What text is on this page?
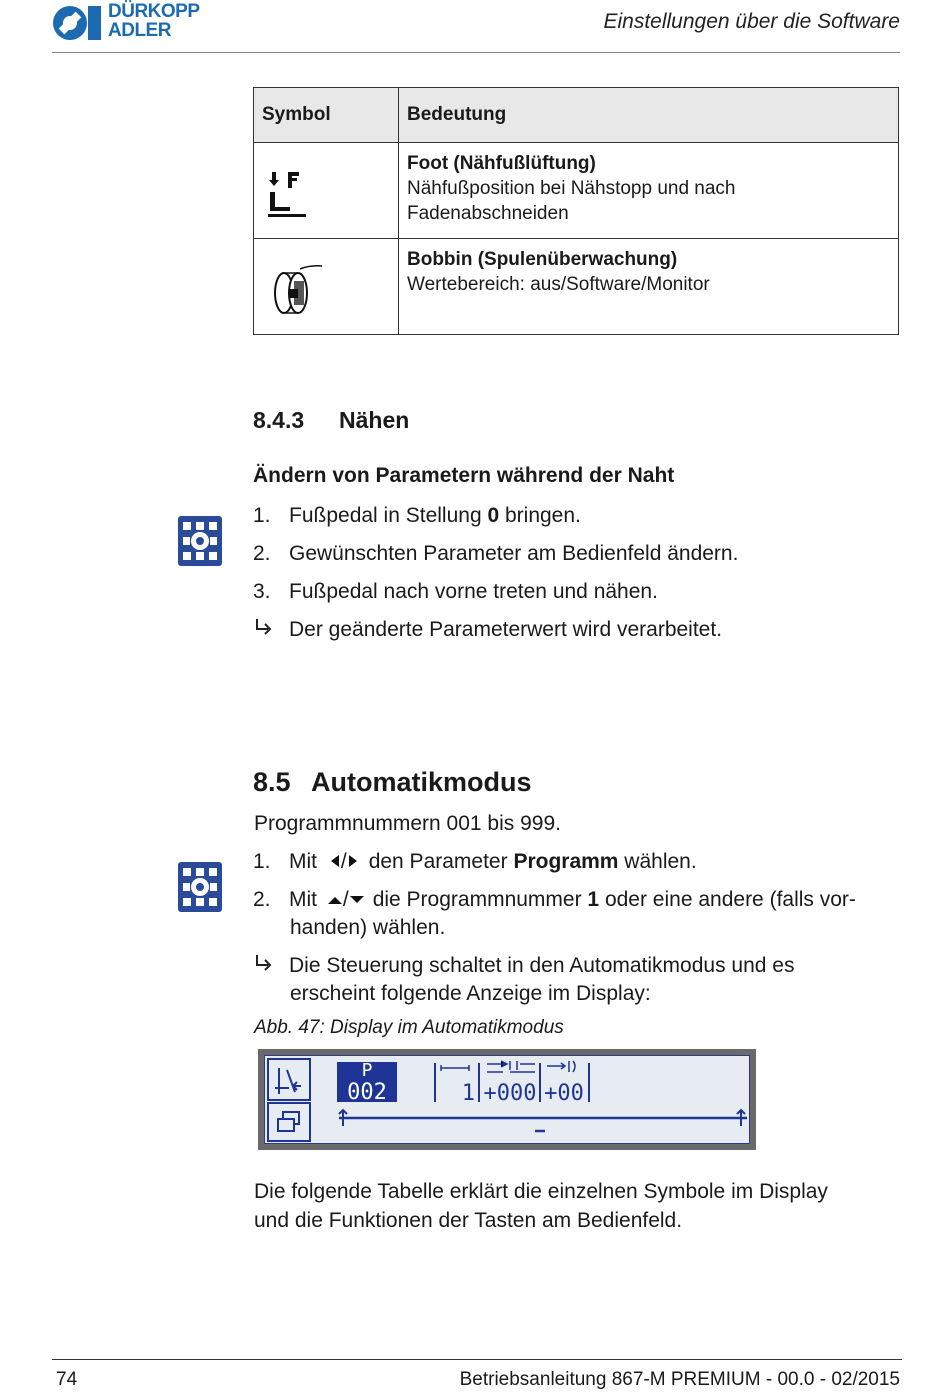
DÜRKOPP
ADLER	Einstellungen über die Software
Symbol	Bedeutung

Foot (Nähfußlüftung)
Nähfußposition bei Nähstopp und nach Fadenabschneiden

Bobbin (Spulenüberwachung)
Wertebereich: aus/Software/Monitor
8.4.3 Nähen
Ändern von Parametern während der Naht
1. Fußpedal in Stellung 0 bringen.
2. Gewünschten Parameter am Bedienfeld ändern.
3. Fußpedal nach vorne treten und nähen.
Der geänderte Parameterwert wird verarbeitet.
8.5 Automatikmodus
Programmnummern 001 bis 999.
1. Mit / den Parameter Programm wählen.
2. Mit / die Programmnummer 1 oder eine andere (falls vor-
handen) wählen.
Die Steuerung schaltet in den Automatikmodus und es
erscheint folgende Anzeige im Display:
Abb. 47: Display im Automatikmodus
P
002	1 +000 +00
Die folgende Tabelle erklärt die einzelnen Symbole im Display
und die Funktionen der Tasten am Bedienfeld.
74	Betriebsanleitung 867-M PREMIUM - 00.0 - 02/2015
